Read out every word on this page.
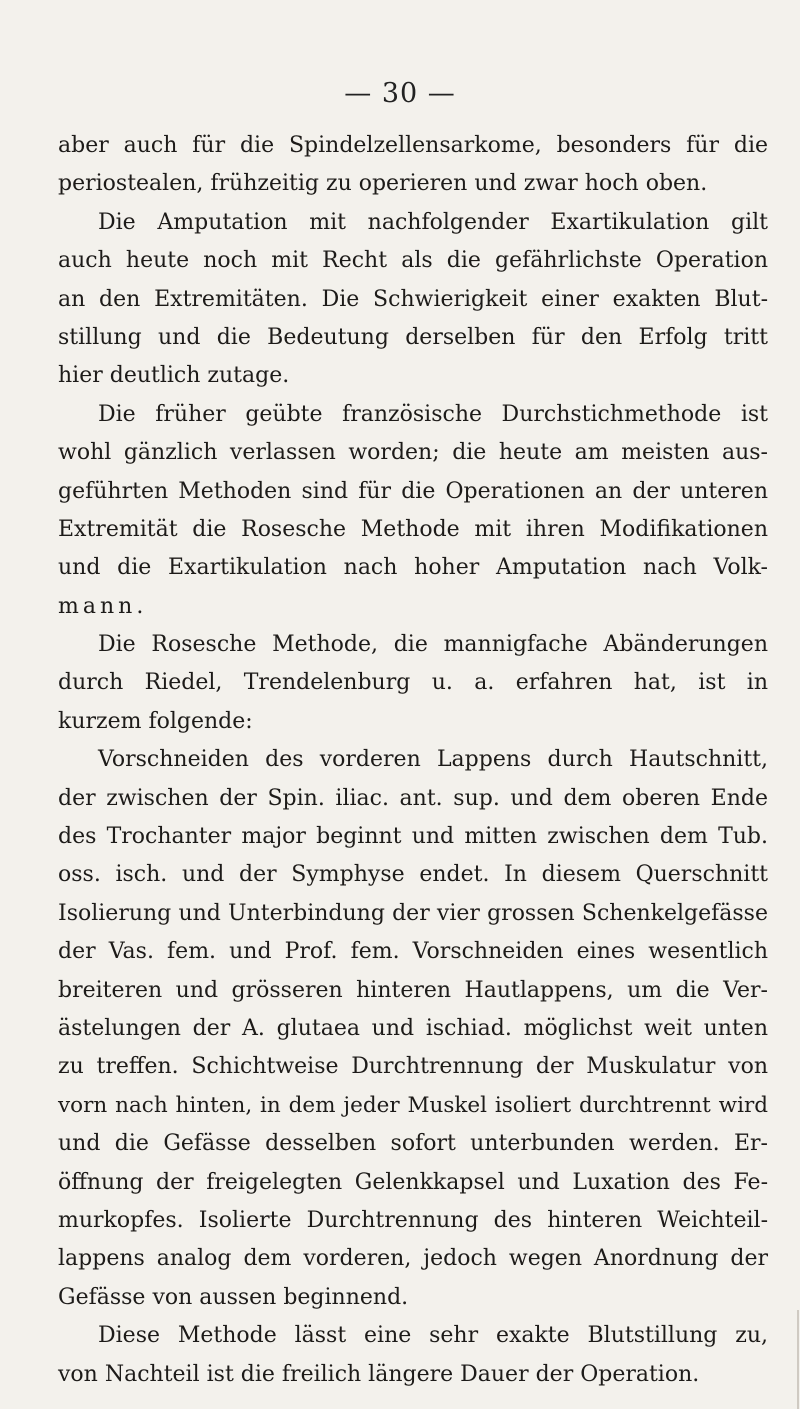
— 30 —
aber auch für die Spindelzellensarkome, besonders für die
periostealen, frühzeitig zu operieren und zwar hoch oben.
Die Amputation mit nachfolgender Exartikulation gilt
auch heute noch mit Recht als die gefährlichste Operation
an den Extremitäten. Die Schwierigkeit einer exakten Blut-
stillung und die Bedeutung derselben für den Erfolg tritt
hier deutlich zutage.
Die früher geübte französische Durchstichmethode ist
wohl gänzlich verlassen worden; die heute am meisten aus-
geführten Methoden sind für die Operationen an der unteren
Extremität die Rosesche Methode mit ihren Modifikationen
und die Exartikulation nach hoher Amputation nach Volk-
mann.
Die Rosesche Methode, die mannigfache Abänderungen
durch Riedel, Trendelenburg u. a. erfahren hat, ist in
kurzem folgende:
Vorschneiden des vorderen Lappens durch Hautschnitt,
der zwischen der Spin. iliac. ant. sup. und dem oberen Ende
des Trochanter major beginnt und mitten zwischen dem Tub.
oss. isch. und der Symphyse endet. In diesem Querschnitt
Isolierung und Unterbindung der vier grossen Schenkelgefässe
der Vas. fem. und Prof. fem. Vorschneiden eines wesentlich
breiteren und grösseren hinteren Hautlappens, um die Ver-
ästelungen der A. glutaea und ischiad. möglichst weit unten
zu treffen. Schichtweise Durchtrennung der Muskulatur von
vorn nach hinten, in dem jeder Muskel isoliert durchtrennt wird
und die Gefässe desselben sofort unterbunden werden. Er-
öffnung der freigelegten Gelenkkapsel und Luxation des Fe-
murkopfes. Isolierte Durchtrennung des hinteren Weichteil-
lappens analog dem vorderen, jedoch wegen Anordnung der
Gefässe von aussen beginnend.
Diese Methode lässt eine sehr exakte Blutstillung zu,
von Nachteil ist die freilich längere Dauer der Operation.
